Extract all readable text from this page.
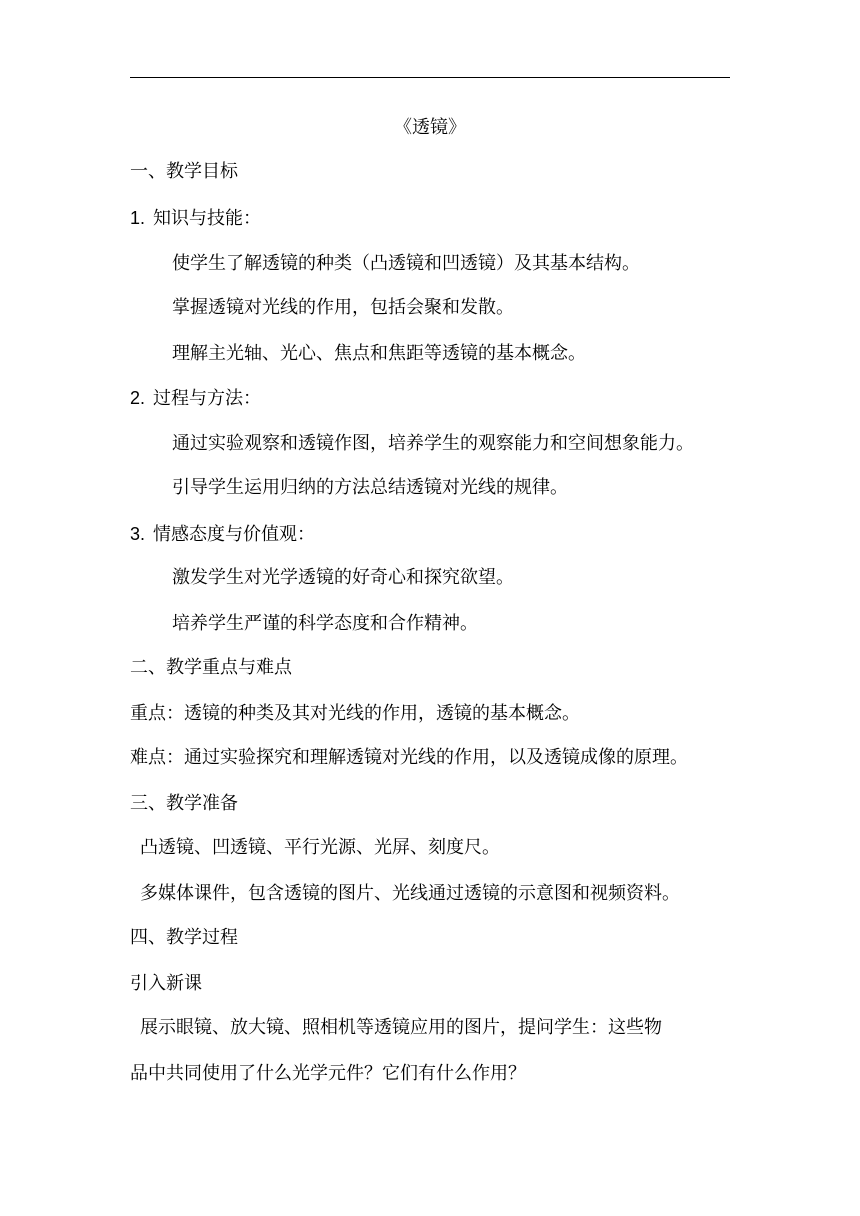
《透镜》
一、教学目标
1. 知识与技能：
使学生了解透镜的种类（凸透镜和凹透镜）及其基本结构。
掌握透镜对光线的作用，包括会聚和发散。
理解主光轴、光心、焦点和焦距等透镜的基本概念。
2. 过程与方法：
通过实验观察和透镜作图，培养学生的观察能力和空间想象能力。
引导学生运用归纳的方法总结透镜对光线的规律。
3. 情感态度与价值观：
激发学生对光学透镜的好奇心和探究欲望。
培养学生严谨的科学态度和合作精神。
二、教学重点与难点
重点：透镜的种类及其对光线的作用，透镜的基本概念。
难点：通过实验探究和理解透镜对光线的作用，以及透镜成像的原理。
三、教学准备
凸透镜、凹透镜、平行光源、光屏、刻度尺。
多媒体课件，包含透镜的图片、光线通过透镜的示意图和视频资料。
四、教学过程
引入新课
展示眼镜、放大镜、照相机等透镜应用的图片，提问学生：这些物
品中共同使用了什么光学元件？它们有什么作用？
